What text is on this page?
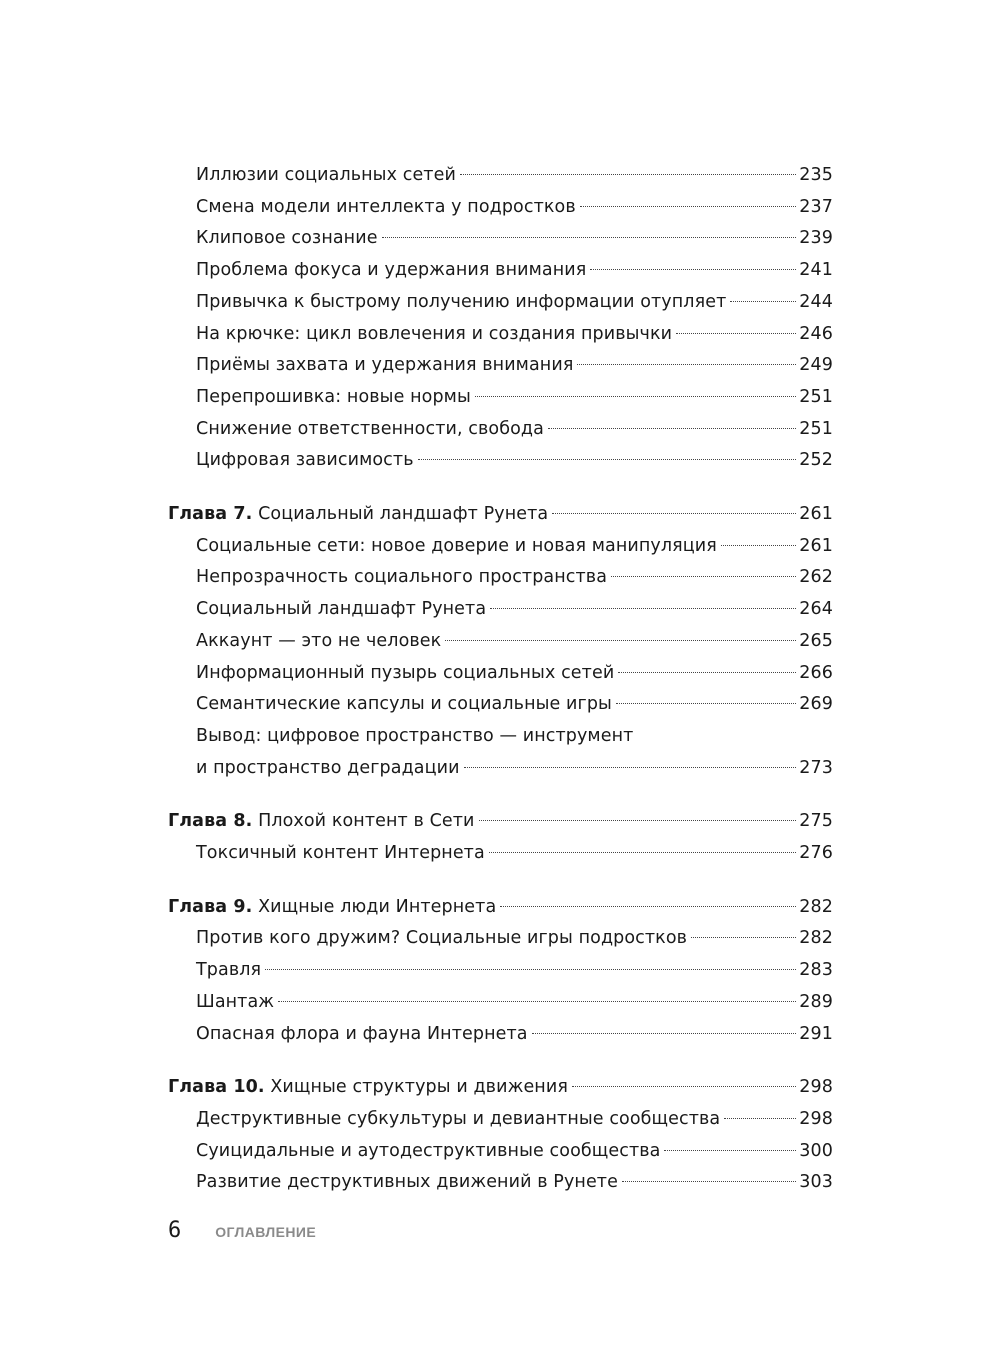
Иллюзии социальных сетей	235
Смена модели интеллекта у подростков	237
Клиповое сознание	239
Проблема фокуса и удержания внимания	241
Привычка к быстрому получению информации отупляет	244
На крючке: цикл вовлечения и создания привычки	246
Приёмы захвата и удержания внимания	249
Перепрошивка: новые нормы	251
Снижение ответственности, свобода	251
Цифровая зависимость	252
Глава 7. Социальный ландшафт Рунета	261
Социальные сети: новое доверие и новая манипуляция	261
Непрозрачность социального пространства	262
Социальный ландшафт Рунета	264
Аккаунт — это не человек	265
Информационный пузырь социальных сетей	266
Семантические капсулы и социальные игры	269
Вывод: цифровое пространство — инструмент
и пространство деградации	273
Глава 8. Плохой контент в Сети	275
Токсичный контент Интернета	276
Глава 9. Хищные люди Интернета	282
Против кого дружим? Социальные игры подростков	282
Травля	283
Шантаж	289
Опасная флора и фауна Интернета	291
Глава 10. Хищные структуры и движения	298
Деструктивные субкультуры и девиантные сообщества	298
Суицидальные и аутодеструктивные сообщества	300
Развитие деструктивных движений в Рунете	303
6 ОГЛАВЛЕНИЕ
